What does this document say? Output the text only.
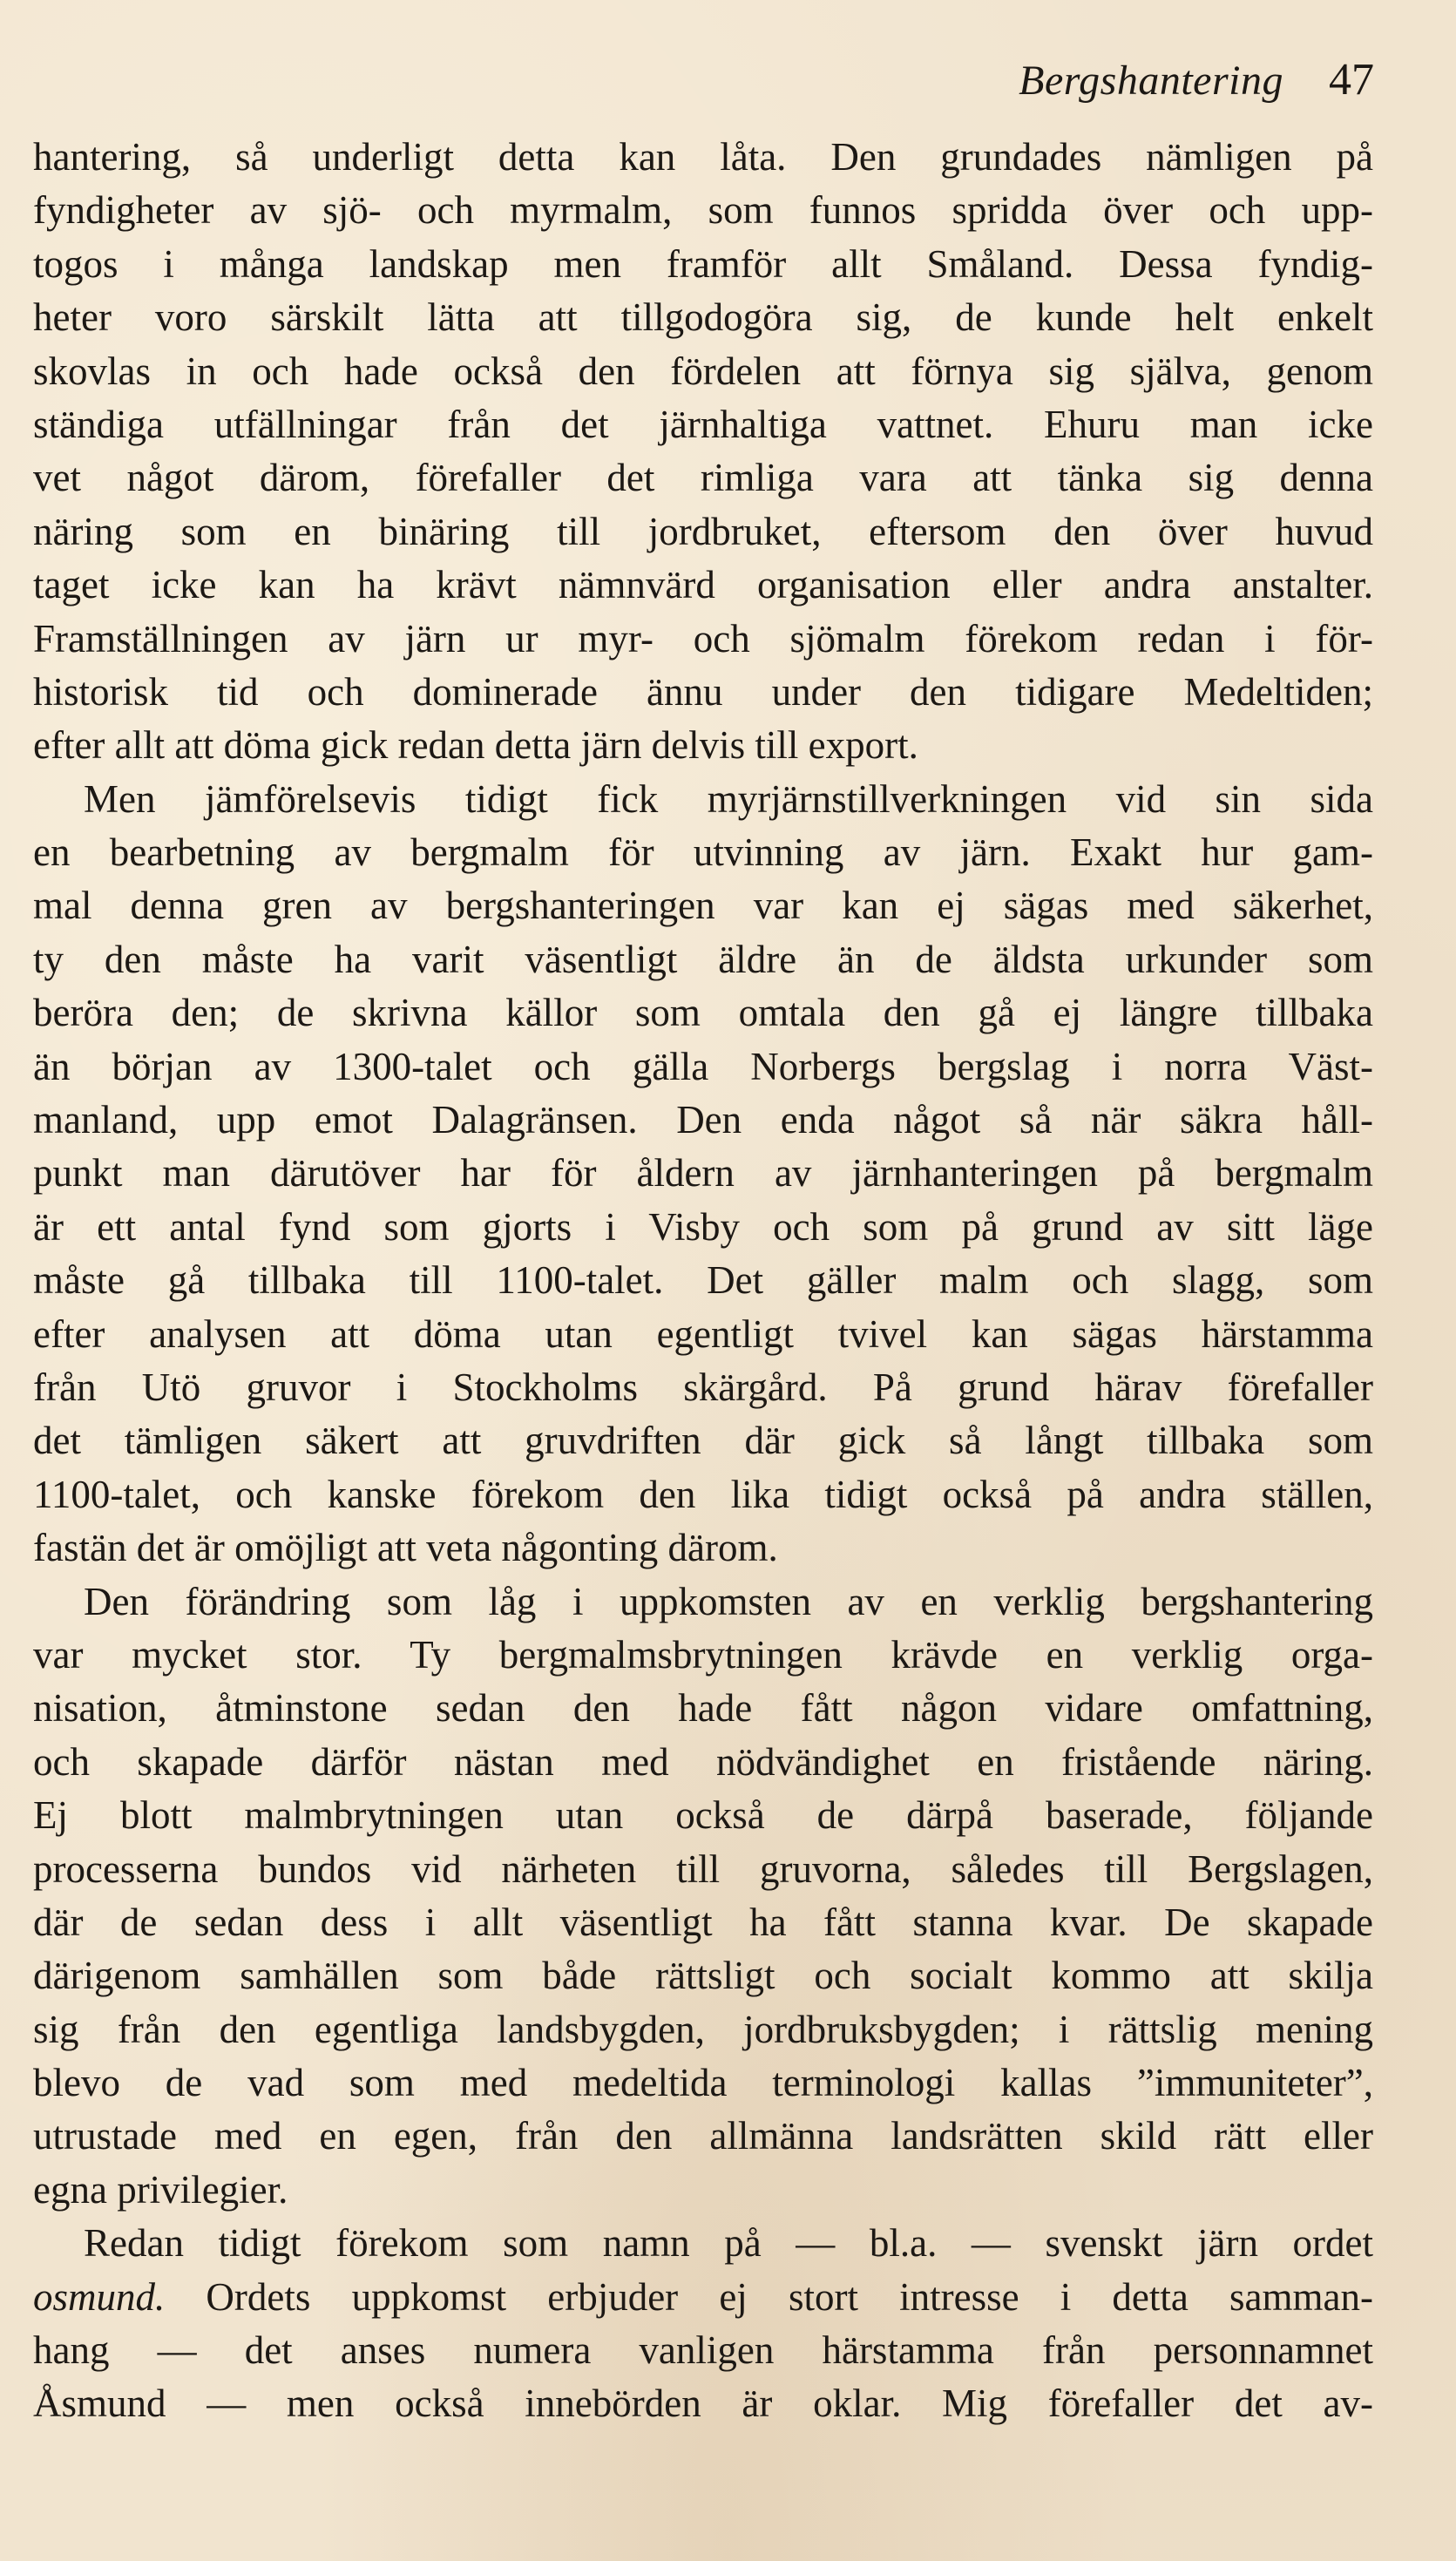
Bergshantering 47
hantering, så underligt detta kan låta. Den grundades nämligen på
fyndigheter av sjö- och myrmalm, som funnos spridda över och upp-
togos i många landskap men framför allt Småland. Dessa fyndig-
heter voro särskilt lätta att tillgodogöra sig, de kunde helt enkelt
skovlas in och hade också den fördelen att förnya sig själva, genom
ständiga utfällningar från det järnhaltiga vattnet. Ehuru man icke
vet något därom, förefaller det rimliga vara att tänka sig denna
näring som en binäring till jordbruket, eftersom den över huvud
taget icke kan ha krävt nämnvärd organisation eller andra anstalter.
Framställningen av järn ur myr- och sjömalm förekom redan i för-
historisk tid och dominerade ännu under den tidigare Medeltiden;
efter allt att döma gick redan detta järn delvis till export.
Men jämförelsevis tidigt fick myrjärnstillverkningen vid sin sida
en bearbetning av bergmalm för utvinning av järn. Exakt hur gam-
mal denna gren av bergshanteringen var kan ej sägas med säkerhet,
ty den måste ha varit väsentligt äldre än de äldsta urkunder som
beröra den; de skrivna källor som omtala den gå ej längre tillbaka
än början av 1300-talet och gälla Norbergs bergslag i norra Väst-
manland, upp emot Dalagränsen. Den enda något så när säkra håll-
punkt man därutöver har för åldern av järnhanteringen på bergmalm
är ett antal fynd som gjorts i Visby och som på grund av sitt läge
måste gå tillbaka till 1100-talet. Det gäller malm och slagg, som
efter analysen att döma utan egentligt tvivel kan sägas härstamma
från Utö gruvor i Stockholms skärgård. På grund härav förefaller
det tämligen säkert att gruvdriften där gick så långt tillbaka som
1100-talet, och kanske förekom den lika tidigt också på andra ställen,
fastän det är omöjligt att veta någonting därom.
Den förändring som låg i uppkomsten av en verklig bergshantering
var mycket stor. Ty bergmalmsbrytningen krävde en verklig orga-
nisation, åtminstone sedan den hade fått någon vidare omfattning,
och skapade därför nästan med nödvändighet en fristående näring.
Ej blott malmbrytningen utan också de därpå baserade, följande
processerna bundos vid närheten till gruvorna, således till Bergslagen,
där de sedan dess i allt väsentligt ha fått stanna kvar. De skapade
därigenom samhällen som både rättsligt och socialt kommo att skilja
sig från den egentliga landsbygden, jordbruksbygden; i rättslig mening
blevo de vad som med medeltida terminologi kallas ”immuniteter”,
utrustade med en egen, från den allmänna landsrätten skild rätt eller
egna privilegier.
Redan tidigt förekom som namn på — bl.a. — svenskt järn ordet
osmund. Ordets uppkomst erbjuder ej stort intresse i detta samman-
hang — det anses numera vanligen härstamma från personnamnet
Åsmund — men också innebörden är oklar. Mig förefaller det av-
